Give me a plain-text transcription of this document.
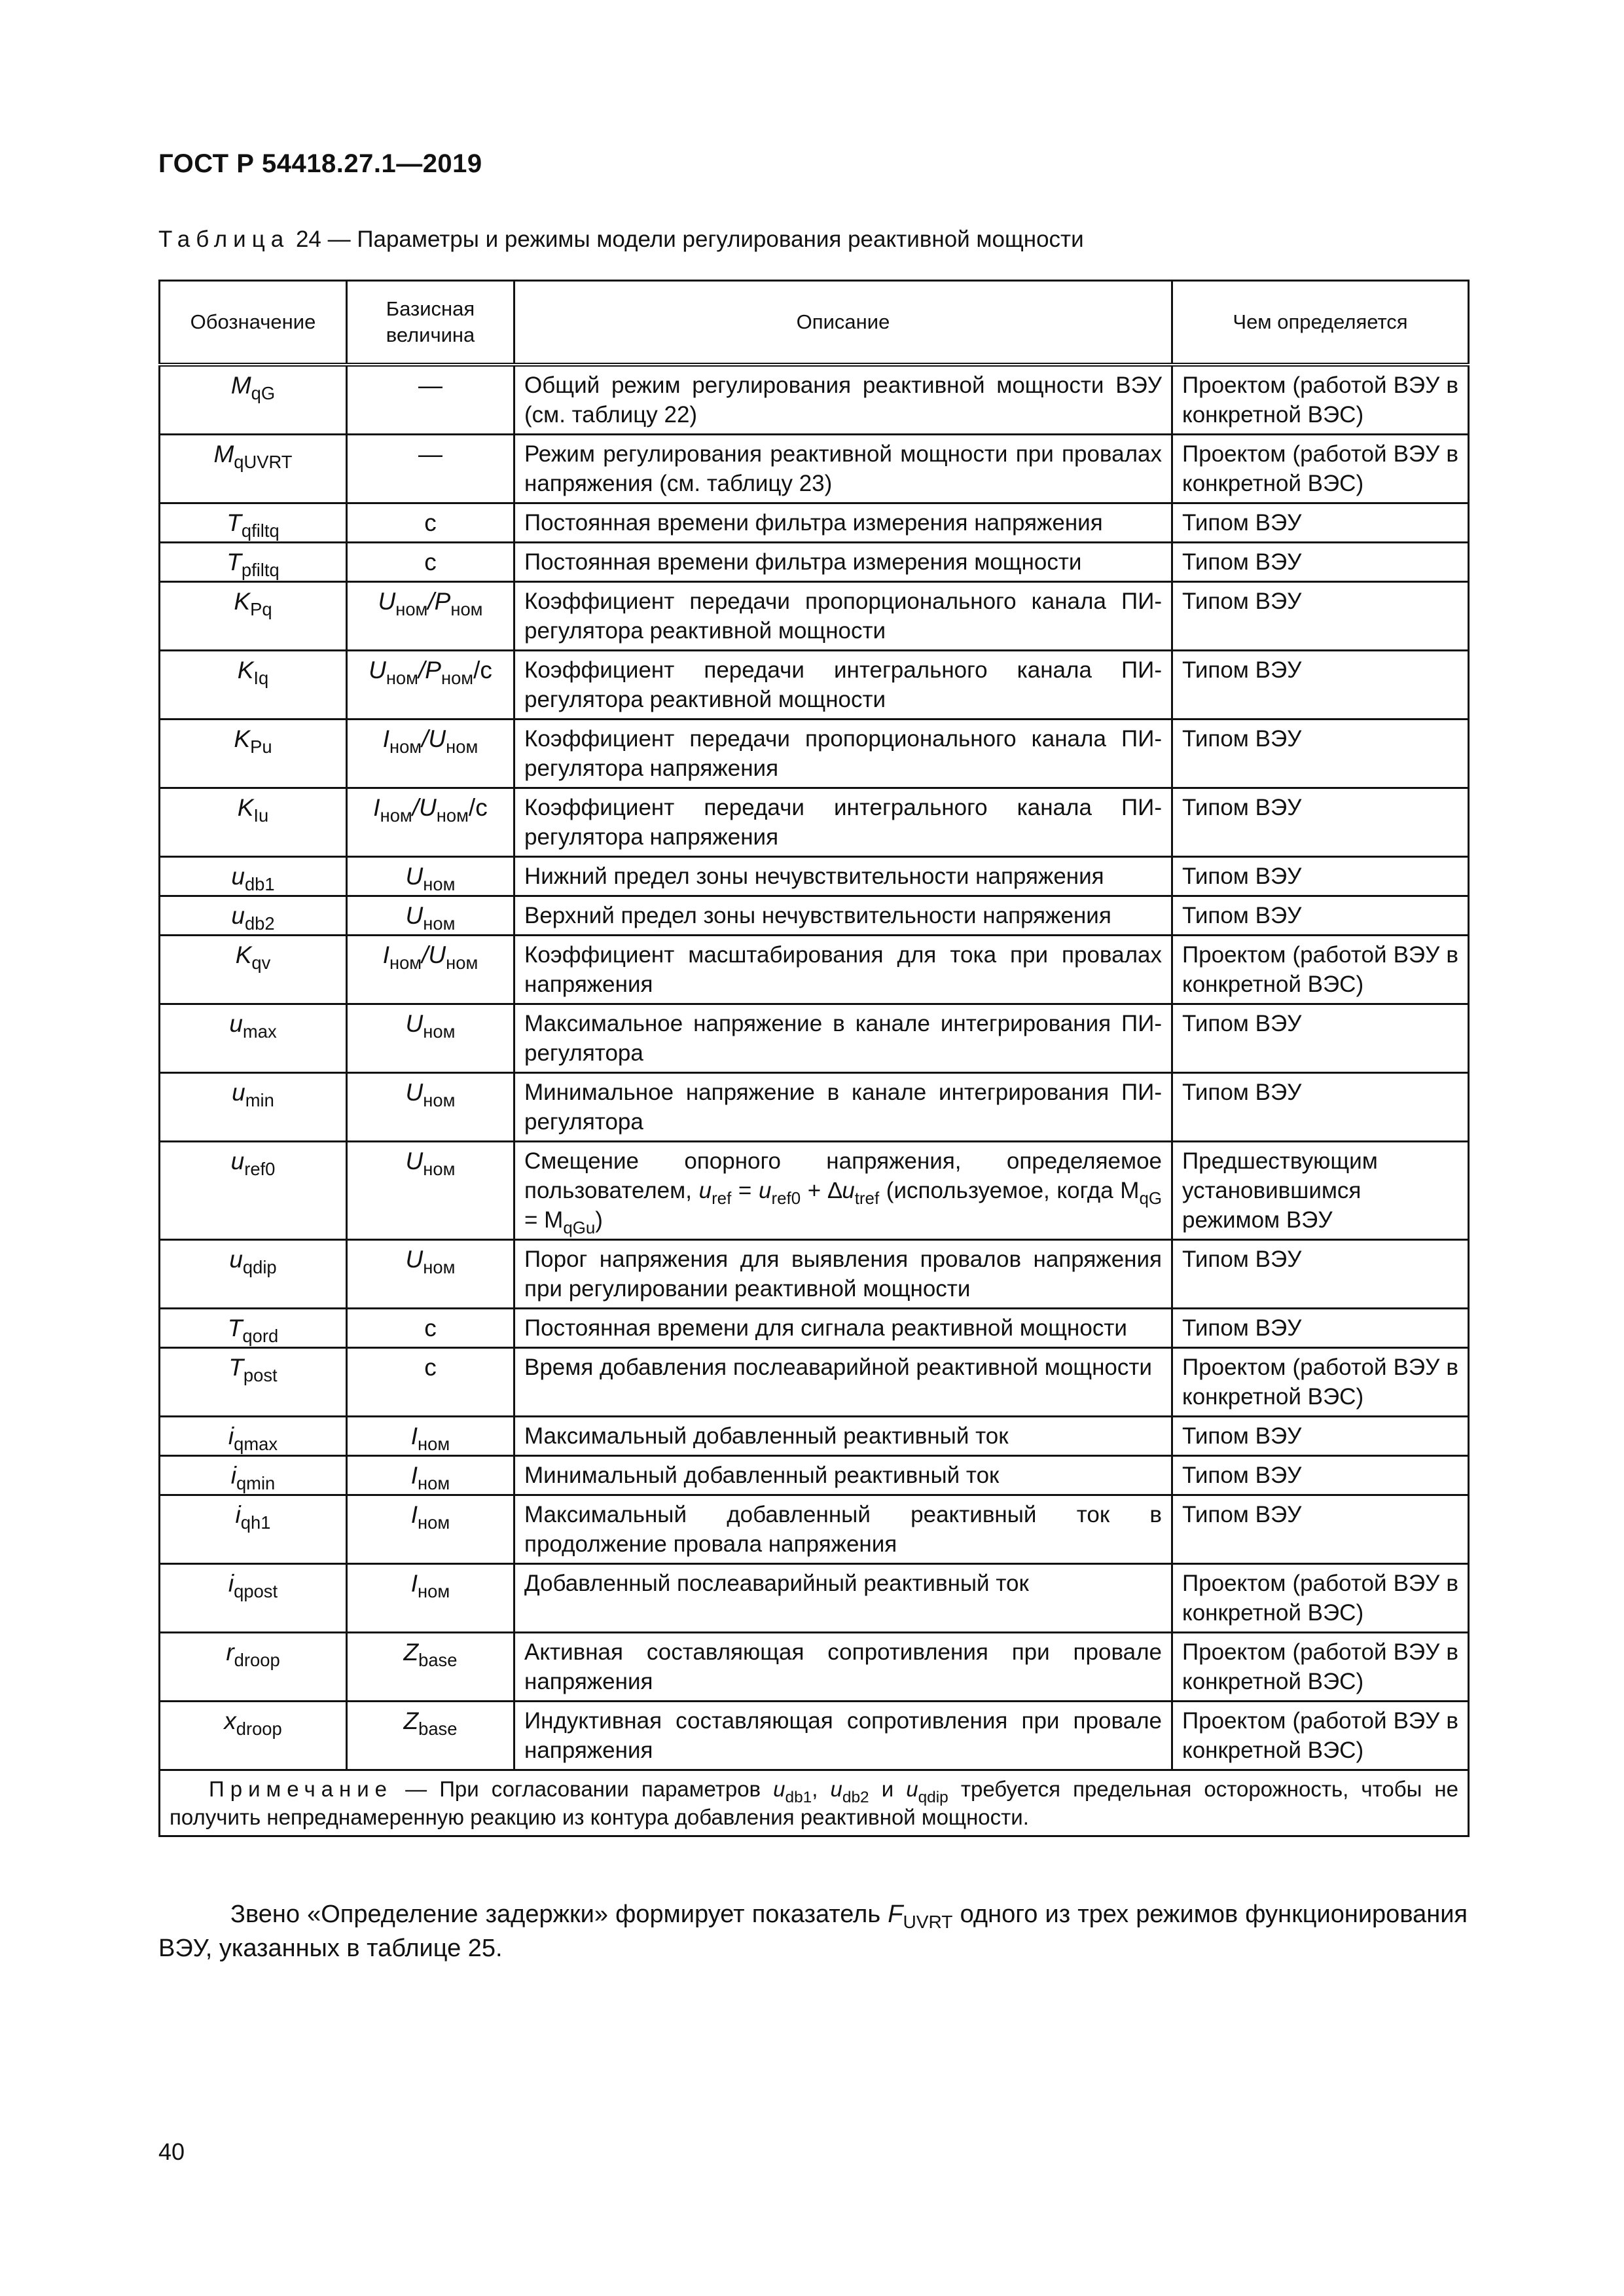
ГОСТ Р 54418.27.1—2019
Таблица 24 — Параметры и режимы модели регулирования реактивной мощности
Обозначение	Базисная величина	Описание	Чем определяется
$M_{qG}$	—	Общий режим регулирования реактивной мощности ВЭУ (см. таблицу 22)	Проектом (работой ВЭУ в конкретной ВЭС)
$M_{qUVRT}$	—	Режим регулирования реактивной мощности при провалах напряжения (см. таблицу 23)	Проектом (работой ВЭУ в конкретной ВЭС)
$T_{qfiltq}$	с	Постоянная времени фильтра измерения напряжения	Типом ВЭУ
$T_{pfiltq}$	с	Постоянная времени фильтра измерения мощности	Типом ВЭУ
$K_{Pq}$	$U_{ном}/P_{ном}$	Коэффициент передачи пропорционального канала ПИ-регулятора реактивной мощности	Типом ВЭУ
$K_{Iq}$	$U_{ном}/P_{ном}/с$	Коэффициент передачи интегрального канала ПИ-регулятора реактивной мощности	Типом ВЭУ
$K_{Pu}$	$I_{ном}/U_{ном}$	Коэффициент передачи пропорционального канала ПИ-регулятора напряжения	Типом ВЭУ
$K_{Iu}$	$I_{ном}/U_{ном}/с$	Коэффициент передачи интегрального канала ПИ-регулятора напряжения	Типом ВЭУ
$u_{db1}$	$U_{ном}$	Нижний предел зоны нечувствительности напряжения	Типом ВЭУ
$u_{db2}$	$U_{ном}$	Верхний предел зоны нечувствительности напряжения	Типом ВЭУ
$K_{qv}$	$I_{ном}/U_{ном}$	Коэффициент масштабирования для тока при провалах напряжения	Проектом (работой ВЭУ в конкретной ВЭС)
$u_{max}$	$U_{ном}$	Максимальное напряжение в канале интегрирования ПИ-регулятора	Типом ВЭУ
$u_{min}$	$U_{ном}$	Минимальное напряжение в канале интегрирования ПИ-регулятора	Типом ВЭУ
$u_{ref0}$	$U_{ном}$	Смещение опорного напряжения, определяемое пользователем, $u_{ref} = u_{ref0} + \Delta u_{tref}$ (используемое, когда $M_{qG} = M_{qGu}$)	Предшествующим установившимся режимом ВЭУ
$u_{qdip}$	$U_{ном}$	Порог напряжения для выявления провалов напряжения при регулировании реактивной мощности	Типом ВЭУ
$T_{qord}$	с	Постоянная времени для сигнала реактивной мощности	Типом ВЭУ
$T_{post}$	с	Время добавления послеаварийной реактивной мощности	Проектом (работой ВЭУ в конкретной ВЭС)
$i_{qmax}$	$I_{ном}$	Максимальный добавленный реактивный ток	Типом ВЭУ
$i_{qmin}$	$I_{ном}$	Минимальный добавленный реактивный ток	Типом ВЭУ
$i_{qh1}$	$I_{ном}$	Максимальный добавленный реактивный ток в продолжение провала напряжения	Типом ВЭУ
$i_{qpost}$	$I_{ном}$	Добавленный послеаварийный реактивный ток	Проектом (работой ВЭУ в конкретной ВЭС)
$r_{droop}$	$Z_{base}$	Активная составляющая сопротивления при провале напряжения	Проектом (работой ВЭУ в конкретной ВЭС)
$x_{droop}$	$Z_{base}$	Индуктивная составляющая сопротивления при провале напряжения	Проектом (работой ВЭУ в конкретной ВЭС)
Примечание — При согласовании параметров $u_{db1}$, $u_{db2}$ и $u_{qdip}$ требуется предельная осторожность, чтобы не получить непреднамеренную реакцию из контура добавления реактивной мощности.			
Звено «Определение задержки» формирует показатель $F_{UVRT}$ одного из трех режимов функционирования ВЭУ, указанных в таблице 25.
40
